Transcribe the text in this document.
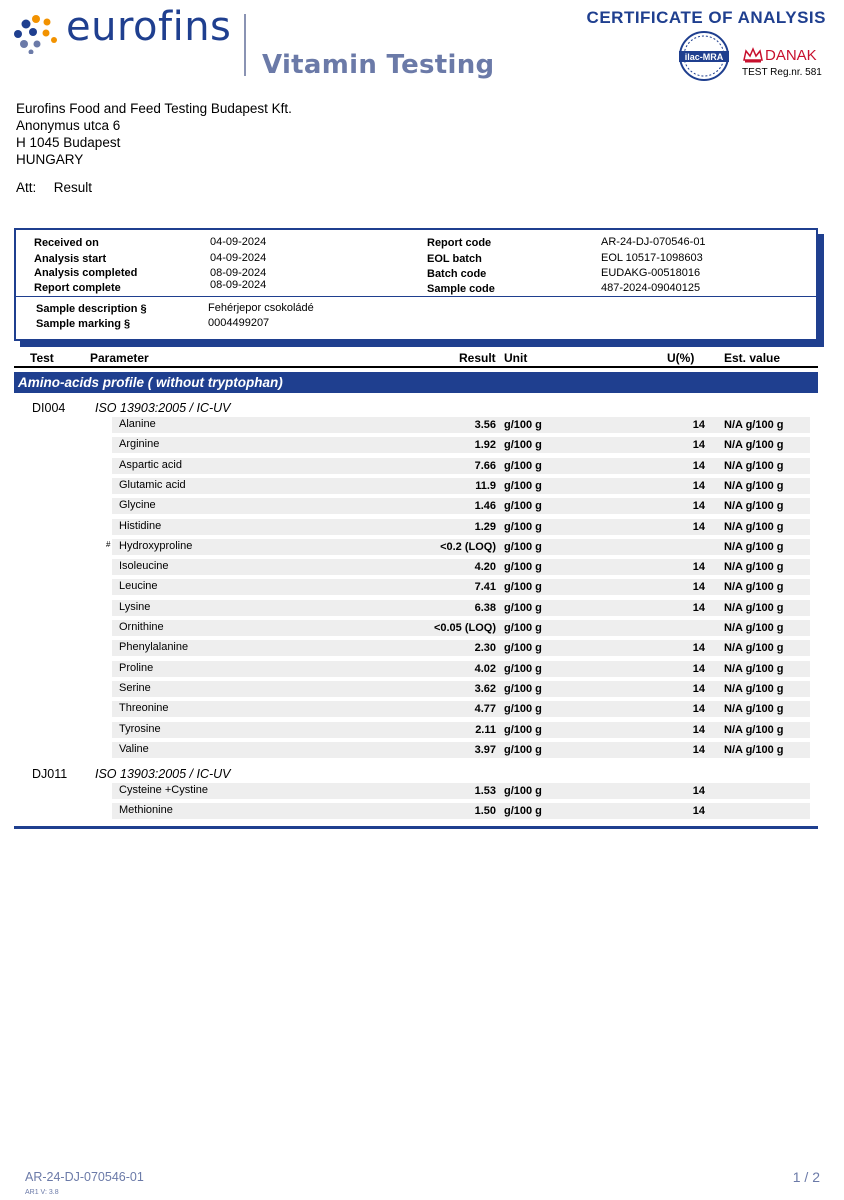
eurofins
Vitamin Testing
CERTIFICATE OF ANALYSIS
ilac-MRA	DANAK
TEST Reg.nr. 581
Eurofins Food and Feed Testing Budapest Kft.
Anonymus utca 6
H 1045 Budapest
HUNGARY
Att: Result
Received on	04-09-2024
Analysis start	04-09-2024
Analysis completed	08-09-2024
Report complete	08-09-2024
Report code	AR-24-DJ-070546-01
EOL batch	EOL 10517-1098603
Batch code	EUDAKG-00518016
Sample code	487-2024-09040125
Sample description §	Fehérjepor csokoládé
Sample marking §	0004499207
Test	Parameter	Result Unit	U(%) Est. value
Amino-acids profile ( without tryptophan)
DI004 ISO 13903:2005 / IC-UV
Alanine	3.56 g/100 g	14 N/A g/100 g
Arginine	1.92 g/100 g	14 N/A g/100 g
Aspartic acid	7.66 g/100 g	14 N/A g/100 g
Glutamic acid	11.9 g/100 g	14 N/A g/100 g
Glycine	1.46 g/100 g	14 N/A g/100 g
Histidine	1.29 g/100 g	14 N/A g/100 g
# Hydroxyproline	<0.2 (LOQ) g/100 g	N/A g/100 g
Isoleucine	4.20 g/100 g	14 N/A g/100 g
Leucine	7.41 g/100 g	14 N/A g/100 g
Lysine	6.38 g/100 g	14 N/A g/100 g
Ornithine	<0.05 (LOQ) g/100 g	N/A g/100 g
Phenylalanine	2.30 g/100 g	14 N/A g/100 g
Proline	4.02 g/100 g	14 N/A g/100 g
Serine	3.62 g/100 g	14 N/A g/100 g
Threonine	4.77 g/100 g	14 N/A g/100 g
Tyrosine	2.11 g/100 g	14 N/A g/100 g
Valine	3.97 g/100 g	14 N/A g/100 g
DJ011 ISO 13903:2005 / IC-UV
Cysteine +Cystine	1.53 g/100 g	14
Methionine	1.50 g/100 g	14
AR-24-DJ-070546-01
AR1 V: 3.8
1 / 2
